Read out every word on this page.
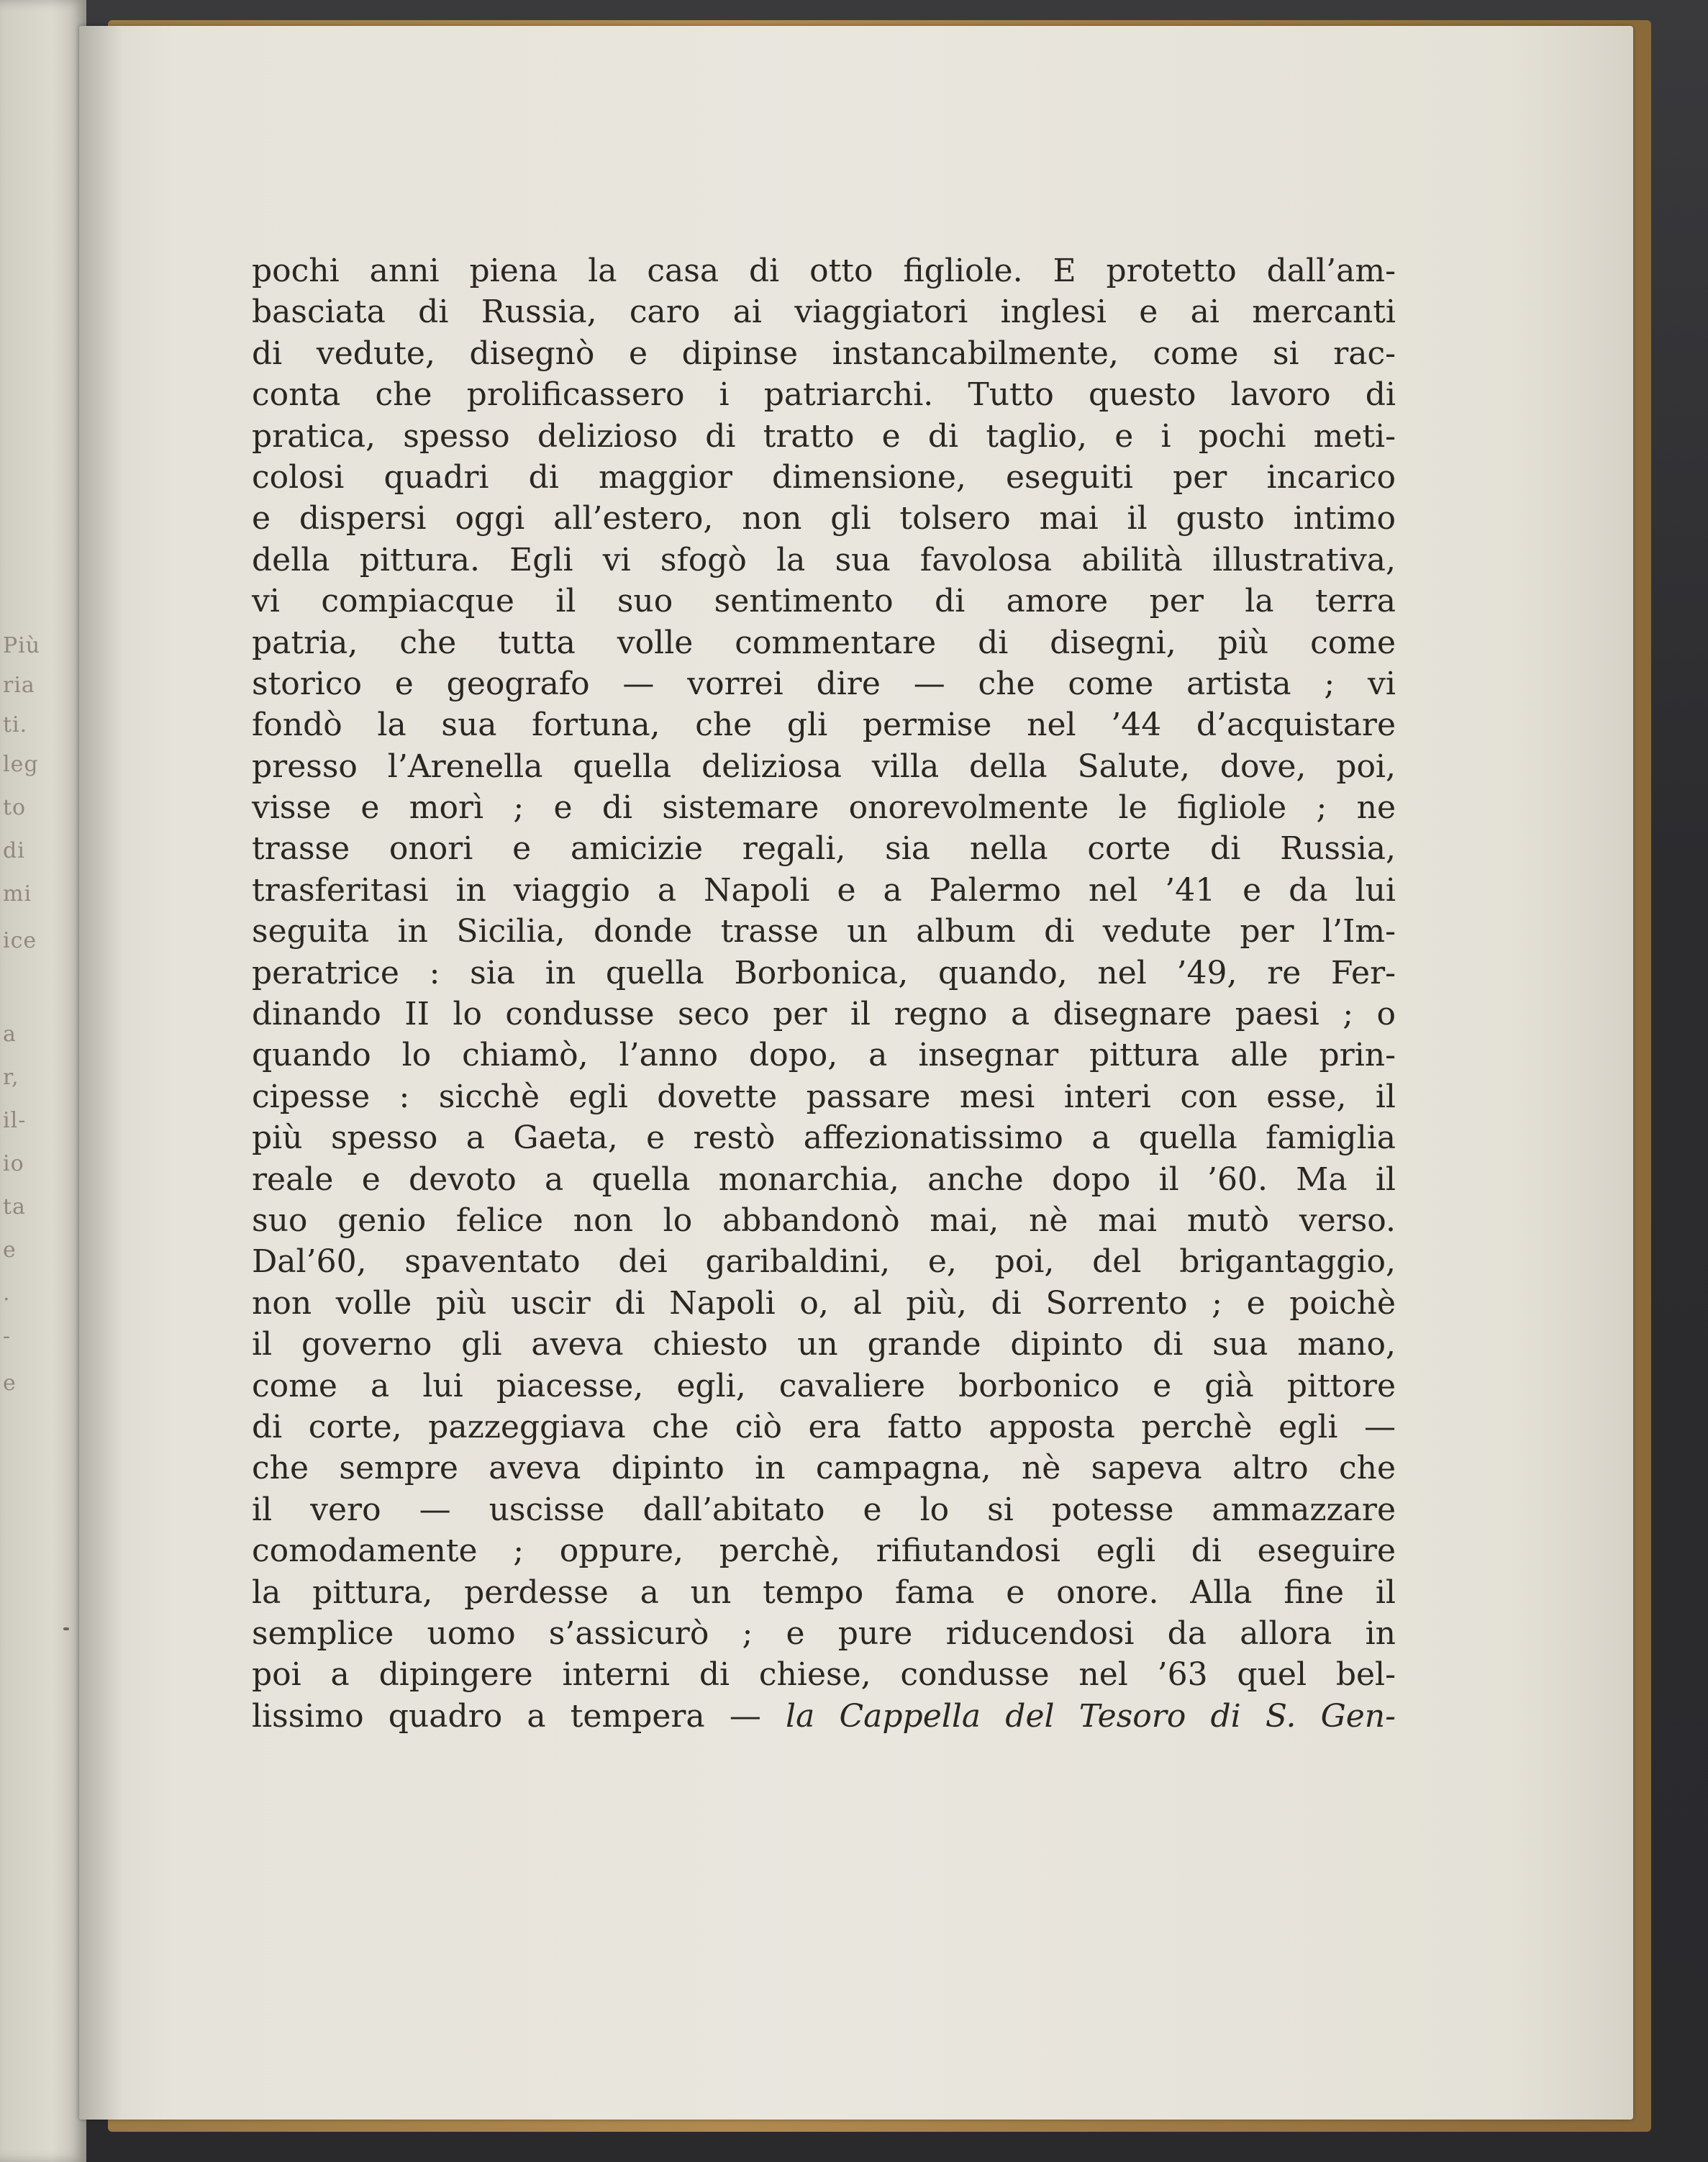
Più
ria
ti.
leg
to
di
mi
ice
a
r,
il-
io
ta
e
.
-
e
pochi anni piena la casa di otto figliole. E protetto dall’am-
basciata di Russia, caro ai viaggiatori inglesi e ai mercanti
di vedute, disegnò e dipinse instancabilmente, come si rac-
conta che prolificassero i patriarchi. Tutto questo lavoro di
pratica, spesso delizioso di tratto e di taglio, e i pochi meti-
colosi quadri di maggior dimensione, eseguiti per incarico
e dispersi oggi all’estero, non gli tolsero mai il gusto intimo
della pittura. Egli vi sfogò la sua favolosa abilità illustrativa,
vi compiacque il suo sentimento di amore per la terra
patria, che tutta volle commentare di disegni, più come
storico e geografo — vorrei dire — che come artista ; vi
fondò la sua fortuna, che gli permise nel ’44 d’acquistare
presso l’Arenella quella deliziosa villa della Salute, dove, poi,
visse e morì ; e di sistemare onorevolmente le figliole ; ne
trasse onori e amicizie regali, sia nella corte di Russia,
trasferitasi in viaggio a Napoli e a Palermo nel ’41 e da lui
seguita in Sicilia, donde trasse un album di vedute per l’Im-
peratrice : sia in quella Borbonica, quando, nel ’49, re Fer-
dinando II lo condusse seco per il regno a disegnare paesi ; o
quando lo chiamò, l’anno dopo, a insegnar pittura alle prin-
cipesse : sicchè egli dovette passare mesi interi con esse, il
più spesso a Gaeta, e restò affezionatissimo a quella famiglia
reale e devoto a quella monarchia, anche dopo il ’60. Ma il
suo genio felice non lo abbandonò mai, nè mai mutò verso.
Dal’60, spaventato dei garibaldini, e, poi, del brigantaggio,
non volle più uscir di Napoli o, al più, di Sorrento ; e poichè
il governo gli aveva chiesto un grande dipinto di sua mano,
come a lui piacesse, egli, cavaliere borbonico e già pittore
di corte, pazzeggiava che ciò era fatto apposta perchè egli —
che sempre aveva dipinto in campagna, nè sapeva altro che
il vero — uscisse dall’abitato e lo si potesse ammazzare
comodamente ; oppure, perchè, rifiutandosi egli di eseguire
la pittura, perdesse a un tempo fama e onore. Alla fine il
semplice uomo s’assicurò ; e pure riducendosi da allora in
poi a dipingere interni di chiese, condusse nel ’63 quel bel-
lissimo quadro a tempera — la Cappella del Tesoro di S. Gen-
